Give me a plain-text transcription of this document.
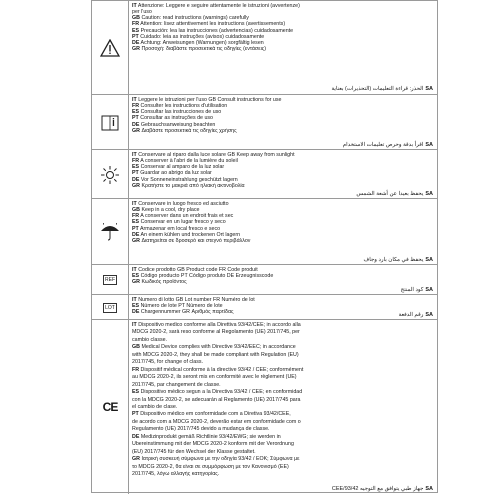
IT Attenzione: Leggere e seguire attentamente le istruzioni (avvertenze)
per l'uso
GB Caution: read instructions (warnings) carefully
FR Attention: lisez attentivement les instructions (avertissements)
ES Precaución: lea las instrucciones (advertencias) cuidadosamente
PT Cuidado: leia as instruções (avisos) cuidadosamente
DE Achtung: Anweisungen (Warnungen) sorgfältig lesen
GR Προσοχή: διαβάστε προσεκτικά τις οδηγίες (εντάσεις)
الحذر: قراءة التعليمات (التحذيرات) بعناية SA
IT Leggere le istruzioni per l'uso GB Consult instructions for use
FR Consulter les instructions d'utilisation
ES Consultar las instrucciones de uso
PT Consultar as instruções de uso
DE Gebrauchsanweisung beachten
GR Διαβάστε προσεκτικά τις οδηγίες χρήσης
اقرأ بدقة وحرص تعليمات الاستخدام SA
IT Conservare al riparo dalla luce solare GB Keep away from sunlight
FR A conserver à l'abri de la lumière du soleil
ES Conservar al amparo de la luz solar
PT Guardar ao abrigo da luz solar
DE Vor Sonneneinstrahlung geschützt lagern
GR Κρατήστε το μακριά από ηλιακή ακτινοβολία
يحفظ بعيدا عن أشعة الشمس SA
IT Conservare in luogo fresco ed asciutto
GB Keep in a cool, dry place
FR A conserver dans un endroit frais et sec
ES Conservar en un lugar fresco y seco
PT Armazenar em local fresco e seco
DE An einem kühlen und trockenen Ort lagern
GR Διατηρείται σε δροσερό και στεγνό περιβάλλον
يحفظ في مكان بارد وجاف SA
REF
IT Codice prodotto GB Product code FR Code produit
ES Código producto PT Código produto DE Erzeugnisscode
GR Κωδικός προϊόντος
كود المنتج SA
LOT
IT Numero di lotto GB Lot number FR Numéro de lot
ES Número de lote PT Número de lote
DE Chargennummer GR Αριθμός παρτίδας	رقم الدفعة SA
CE
IT Dispositivo medico conforme alla Direttiva 93/42/CEE; in accordo alla
MDCG 2020-2, sarà reso conforme al Regolamento (UE) 2017/745, per
cambio classe.
GB Medical Device complies with Directive 93/42/EEC; in accordance
with MDCG 2020-2, they shall be made compliant with Regulation (EU)
2017/745, for change of class.
FR Dispositif médical conforme à la directive 93/42 / CEE; conformément
au MDCG 2020-2, ils seront mis en conformité avec le règlement (UE)
2017/745, par changement de classe.
ES Dispositivo médico segun a la Directiva 93/42 / CEE; en conformidad
con la MDCG 2020-2, se adecuarán al Reglamento (UE) 2017/745 para
el cambio de clase.
PT Dispositivo médico em conformidade com a Diretiva 93/42/CEE,
de acordo com a MDCG 2020-2, deverão estar em conformidade com o
Regulamento (UE) 2017/745 devido a mudança de classe.
DE Medizinprodukt gemäß Richtlinie 93/42/EWG; sie werden in
Übereinstimmung mit der MDCG 2020-2 konform mit der Verordnung
(EU) 2017/745 für den Wechsel der Klasse gestaltet.
GR Ιατρική συσκευή σύμφωνα με την οδηγία 93/42 / ΕΟΚ; Σύμφωνα με
το MDCG 2020-2, θα είναι σε συμμόρφωση με τον Κανονισμό (ΕΕ)
2017/745, λόγω αλλαγής κατηγορίας.
جهاز طبي يتوافق مع التوجيه 93/42/CEE SA
